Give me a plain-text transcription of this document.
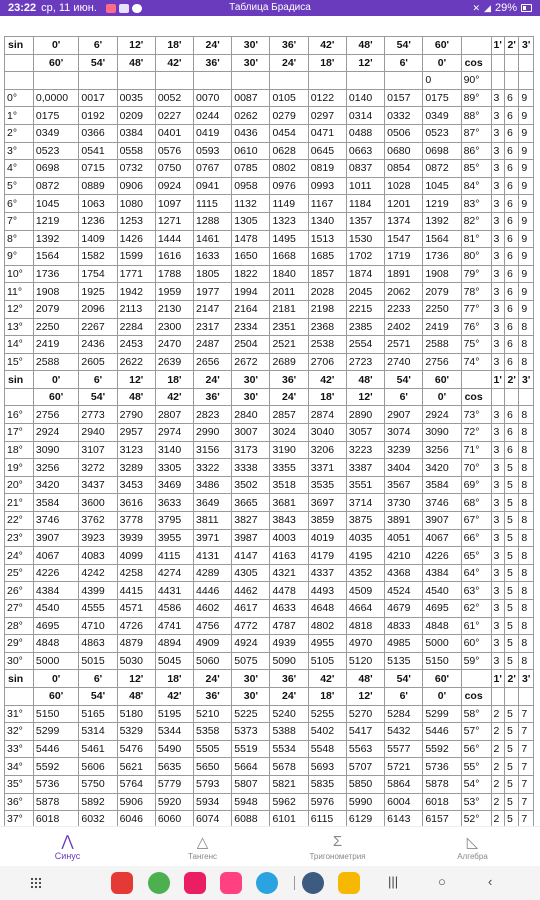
23:22 ср, 11 июн.	Таблица Брадиса	✕ ◢ 29%
sin	0'	6'	12'	18'	24'	30'	36'	42'	48'	54'	60'		1'	2'	3'
	60'	54'	48'	42'	36'	30'	24'	18'	12'	6'	0'	cos			
											0	90°			
0°	0,0000	0017	0035	0052	0070	0087	0105	0122	0140	0157	0175	89°	3	6	9
1°	0175	0192	0209	0227	0244	0262	0279	0297	0314	0332	0349	88°	3	6	9
2°	0349	0366	0384	0401	0419	0436	0454	0471	0488	0506	0523	87°	3	6	9
3°	0523	0541	0558	0576	0593	0610	0628	0645	0663	0680	0698	86°	3	6	9
4°	0698	0715	0732	0750	0767	0785	0802	0819	0837	0854	0872	85°	3	6	9
5°	0872	0889	0906	0924	0941	0958	0976	0993	1011	1028	1045	84°	3	6	9
6°	1045	1063	1080	1097	1115	1132	1149	1167	1184	1201	1219	83°	3	6	9
7°	1219	1236	1253	1271	1288	1305	1323	1340	1357	1374	1392	82°	3	6	9
8°	1392	1409	1426	1444	1461	1478	1495	1513	1530	1547	1564	81°	3	6	9
9°	1564	1582	1599	1616	1633	1650	1668	1685	1702	1719	1736	80°	3	6	9
10°	1736	1754	1771	1788	1805	1822	1840	1857	1874	1891	1908	79°	3	6	9
11°	1908	1925	1942	1959	1977	1994	2011	2028	2045	2062	2079	78°	3	6	9
12°	2079	2096	2113	2130	2147	2164	2181	2198	2215	2233	2250	77°	3	6	9
13°	2250	2267	2284	2300	2317	2334	2351	2368	2385	2402	2419	76°	3	6	8
14°	2419	2436	2453	2470	2487	2504	2521	2538	2554	2571	2588	75°	3	6	8
15°	2588	2605	2622	2639	2656	2672	2689	2706	2723	2740	2756	74°	3	6	8
sin	0'	6'	12'	18'	24'	30'	36'	42'	48'	54'	60'		1'	2'	3'
	60'	54'	48'	42'	36'	30'	24'	18'	12'	6'	0'	cos			
16°	2756	2773	2790	2807	2823	2840	2857	2874	2890	2907	2924	73°	3	6	8
17°	2924	2940	2957	2974	2990	3007	3024	3040	3057	3074	3090	72°	3	6	8
18°	3090	3107	3123	3140	3156	3173	3190	3206	3223	3239	3256	71°	3	6	8
19°	3256	3272	3289	3305	3322	3338	3355	3371	3387	3404	3420	70°	3	5	8
20°	3420	3437	3453	3469	3486	3502	3518	3535	3551	3567	3584	69°	3	5	8
21°	3584	3600	3616	3633	3649	3665	3681	3697	3714	3730	3746	68°	3	5	8
22°	3746	3762	3778	3795	3811	3827	3843	3859	3875	3891	3907	67°	3	5	8
23°	3907	3923	3939	3955	3971	3987	4003	4019	4035	4051	4067	66°	3	5	8
24°	4067	4083	4099	4115	4131	4147	4163	4179	4195	4210	4226	65°	3	5	8
25°	4226	4242	4258	4274	4289	4305	4321	4337	4352	4368	4384	64°	3	5	8
26°	4384	4399	4415	4431	4446	4462	4478	4493	4509	4524	4540	63°	3	5	8
27°	4540	4555	4571	4586	4602	4617	4633	4648	4664	4679	4695	62°	3	5	8
28°	4695	4710	4726	4741	4756	4772	4787	4802	4818	4833	4848	61°	3	5	8
29°	4848	4863	4879	4894	4909	4924	4939	4955	4970	4985	5000	60°	3	5	8
30°	5000	5015	5030	5045	5060	5075	5090	5105	5120	5135	5150	59°	3	5	8
sin	0'	6'	12'	18'	24'	30'	36'	42'	48'	54'	60'		1'	2'	3'
	60'	54'	48'	42'	36'	30'	24'	18'	12'	6'	0'	cos			
31°	5150	5165	5180	5195	5210	5225	5240	5255	5270	5284	5299	58°	2	5	7
32°	5299	5314	5329	5344	5358	5373	5388	5402	5417	5432	5446	57°	2	5	7
33°	5446	5461	5476	5490	5505	5519	5534	5548	5563	5577	5592	56°	2	5	7
34°	5592	5606	5621	5635	5650	5664	5678	5693	5707	5721	5736	55°	2	5	7
35°	5736	5750	5764	5779	5793	5807	5821	5835	5850	5864	5878	54°	2	5	7
36°	5878	5892	5906	5920	5934	5948	5962	5976	5990	6004	6018	53°	2	5	7
37°	6018	6032	6046	6060	6074	6088	6101	6115	6129	6143	6157	52°	2	5	7

⋀
Синус
△
Тангенс
Σ
Тригонометрия
◺
Алгебра
|||	○	‹
